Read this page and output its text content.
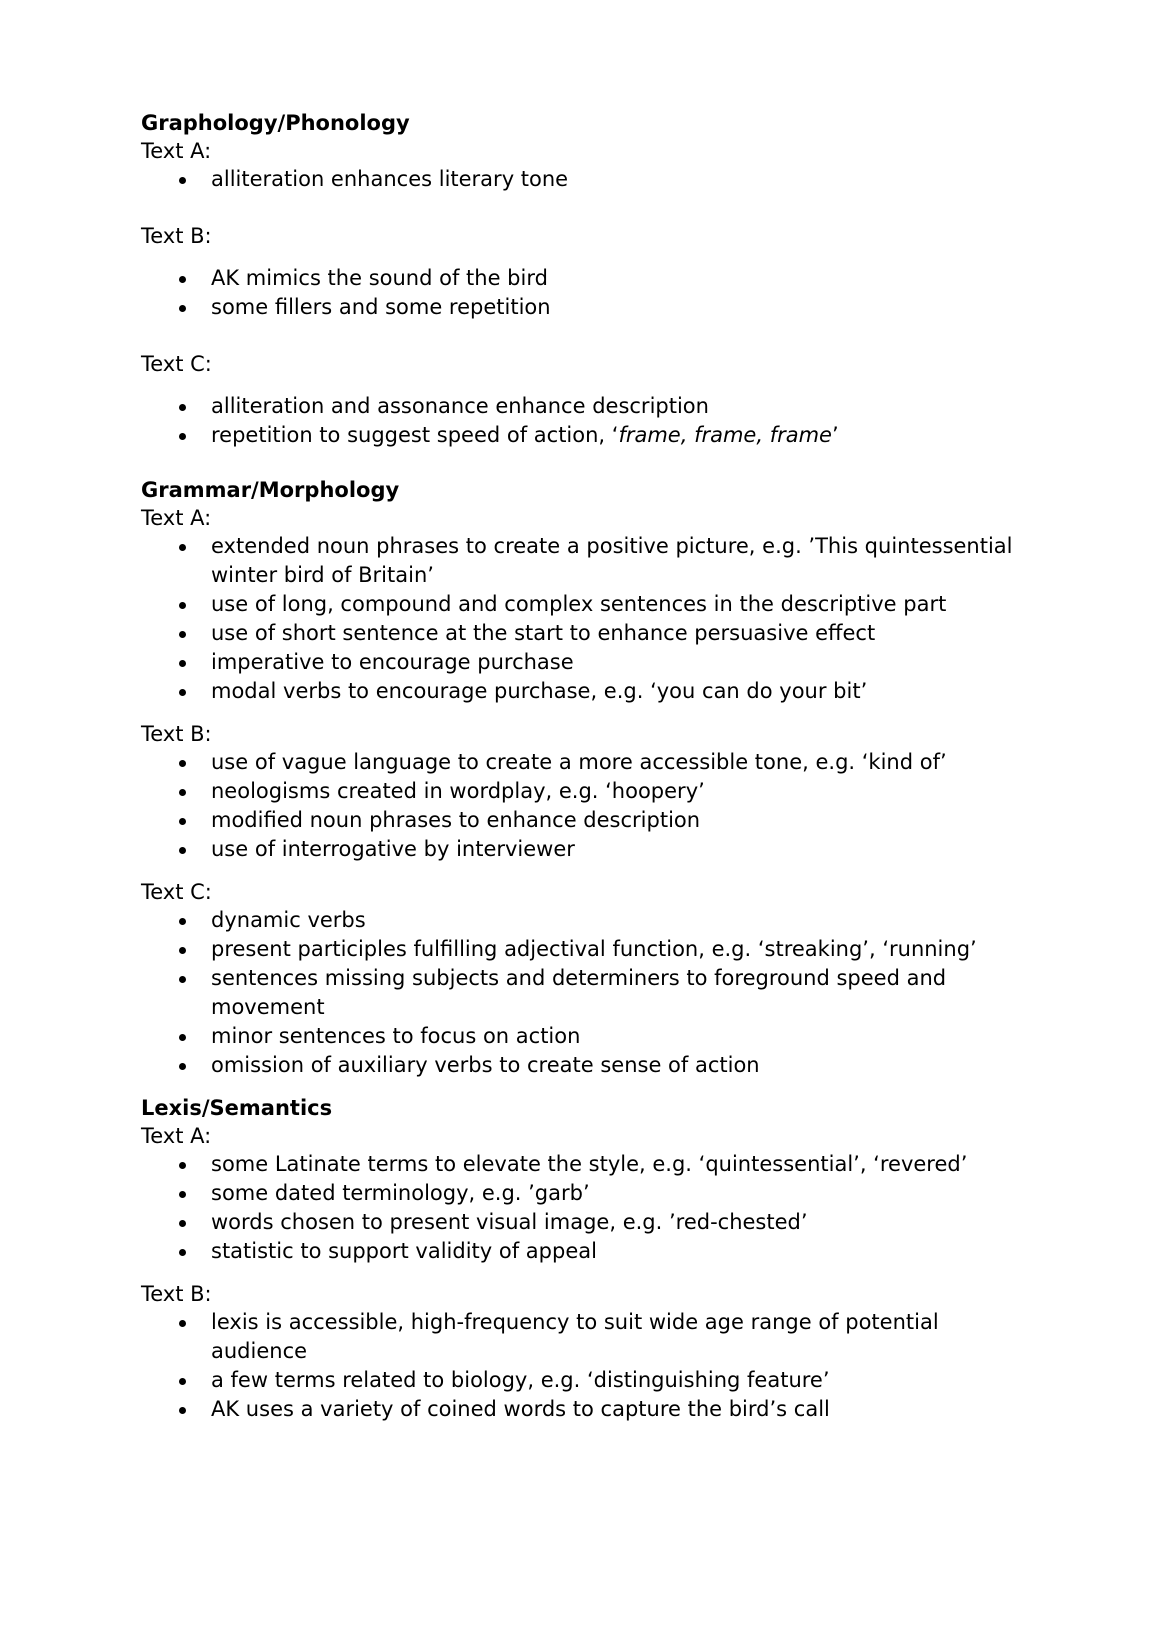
Graphology/Phonology

Text A:

alliteration enhances literary tone

Text B:

AK mimics the sound of the bird
some fillers and some repetition

Text C:

alliteration and assonance enhance description
repetition to suggest speed of action, ‘frame, frame, frame’

Grammar/Morphology

Text A:

extended noun phrases to create a positive picture, e.g. ’This quintessential winter bird of Britain’
use of long, compound and complex sentences in the descriptive part
use of short sentence at the start to enhance persuasive effect
imperative to encourage purchase
modal verbs to encourage purchase, e.g. ‘you can do your bit’

Text B:

use of vague language to create a more accessible tone, e.g. ‘kind of’
neologisms created in wordplay, e.g. ‘hoopery’
modified noun phrases to enhance description
use of interrogative by interviewer

Text C:

dynamic verbs
present participles fulfilling adjectival function, e.g. ‘streaking’, ‘running’
sentences missing subjects and determiners to foreground speed and movement
minor sentences to focus on action
omission of auxiliary verbs to create sense of action

Lexis/Semantics

Text A:

some Latinate terms to elevate the style, e.g. ‘quintessential’, ‘revered’
some dated terminology, e.g. ’garb’
words chosen to present visual image, e.g. ’red-chested’
statistic to support validity of appeal

Text B:

lexis is accessible, high-frequency to suit wide age range of potential audience
a few terms related to biology, e.g. ‘distinguishing feature’
AK uses a variety of coined words to capture the bird’s call
